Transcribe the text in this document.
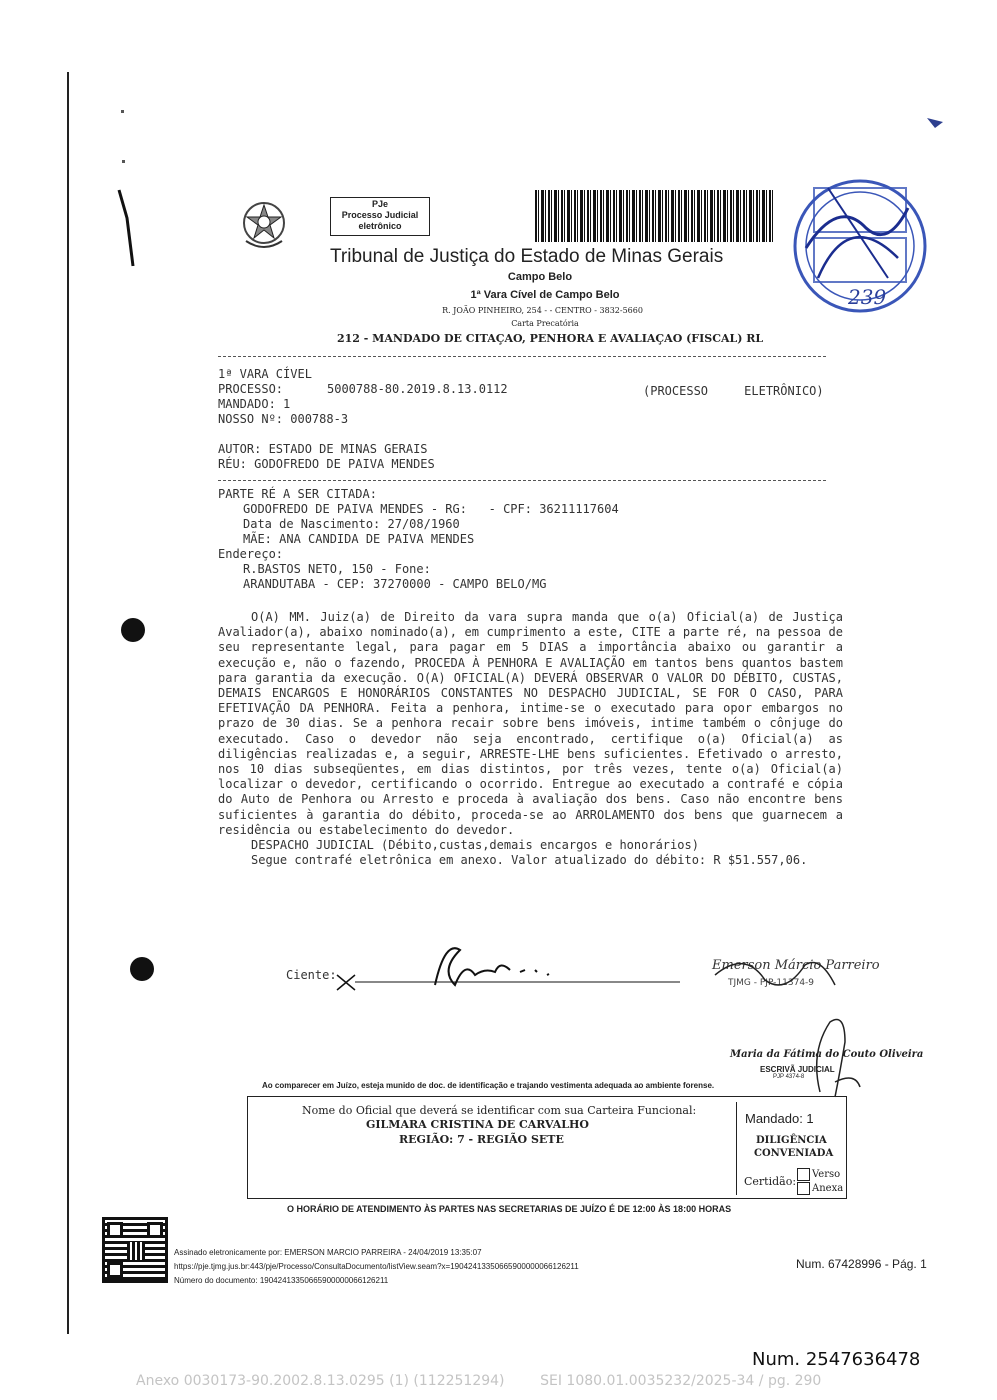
PJe
Processo Judicial
eletrônico
Tribunal de Justiça do Estado de Minas Gerais
Campo Belo
1ª Vara Cível de Campo Belo
R. JOÃO PINHEIRO, 254 - - CENTRO - 3832-5660
Carta Precatória
212 - MANDADO DE CITAÇAO, PENHORA E AVALIAÇAO (FISCAL) RL
239
1ª VARA CÍVEL
PROCESSO:	5000788-80.2019.8.13.0112	(PROCESSO     ELETRÔNICO)
MANDADO: 1
NOSSO Nº: 000788-3
AUTOR: ESTADO DE MINAS GERAIS
RÉU: GODOFREDO DE PAIVA MENDES
PARTE RÉ A SER CITADA:
GODOFREDO DE PAIVA MENDES - RG:   - CPF: 36211117604
Data de Nascimento: 27/08/1960
MÃE: ANA CANDIDA DE PAIVA MENDES
Endereço:
R.BASTOS NETO, 150 - Fone:
ARANDUTABA - CEP: 37270000 - CAMPO BELO/MG

O(A) MM. Juiz(a) de Direito da vara supra manda que o(a) Oficial(a) de Justiça Avaliador(a), abaixo nominado(a), em cumprimento a este, CITE a parte ré, na pessoa de seu representante legal, para pagar em 5 DIAS a importância abaixo ou garantir a execução e, não o fazendo, PROCEDA À PENHORA E AVALIAÇÃO em tantos bens quantos bastem para garantia da execução. O(A) OFICIAL(A) DEVERÁ OBSERVAR O VALOR DO DÉBITO, CUSTAS, DEMAIS ENCARGOS E HONORÁRIOS CONSTANTES NO DESPACHO JUDICIAL, SE FOR O CASO, PARA EFETIVAÇÃO DA PENHORA. Feita a penhora, intime-se o executado para opor embargos no prazo de 30 dias. Se a penhora recair sobre bens imóveis, intime também o cônjuge do executado. Caso o devedor não seja encontrado, certifique o(a) Oficial(a) as diligências realizadas e, a seguir, ARRESTE-LHE bens suficientes. Efetivado o arresto, nos 10 dias subseqüentes, em dias distintos, por três vezes, tente o(a) Oficial(a) localizar o devedor, certificando o ocorrido. Entregue ao executado a contrafé e cópia do Auto de Penhora ou Arresto e proceda à avaliação dos bens. Caso não encontre bens suficientes à garantia do débito, proceda-se ao ARROLAMENTO dos bens que guarnecem a residência ou estabelecimento do devedor.

DESPACHO JUDICIAL (Débito,custas,demais encargos e honorários)

Segue contrafé eletrônica em anexo. Valor atualizado do débito: R $51.557,06.

Ciente:
Emerson Márcio Parreiro
TJMG - PJP-11374-9
Maria da Fátima do Couto Oliveira
ESCRIVÃ JUDICIAL
PJP 4374-8
Ao comparecer em Juízo, esteja munido de doc. de identificação e trajando vestimenta adequada ao ambiente forense.
Nome do Oficial que deverá se identificar com sua Carteira Funcional:
GILMARA CRISTINA DE CARVALHO
REGIÃO: 7 - REGIÃO SETE
Mandado: 1
DILIGÊNCIA
CONVENIADA
Certidão:
Verso
Anexa
O HORÁRIO DE ATENDIMENTO ÀS PARTES NAS SECRETARIAS DE JUÍZO É DE 12:00 ÀS 18:00 HORAS
Assinado eletronicamente por: EMERSON MARCIO PARREIRA - 24/04/2019 13:35:07
https://pje.tjmg.jus.br:443/pje/Processo/ConsultaDocumento/listView.seam?x=19042413350665900000066126211
Número do documento: 19042413350665900000066126211
Num. 67428996 - Pág. 1
Num. 2547636478
Anexo 0030173-90.2002.8.13.0295 (1) (112251294)        SEI 1080.01.0035232/2025-34 / pg. 290
